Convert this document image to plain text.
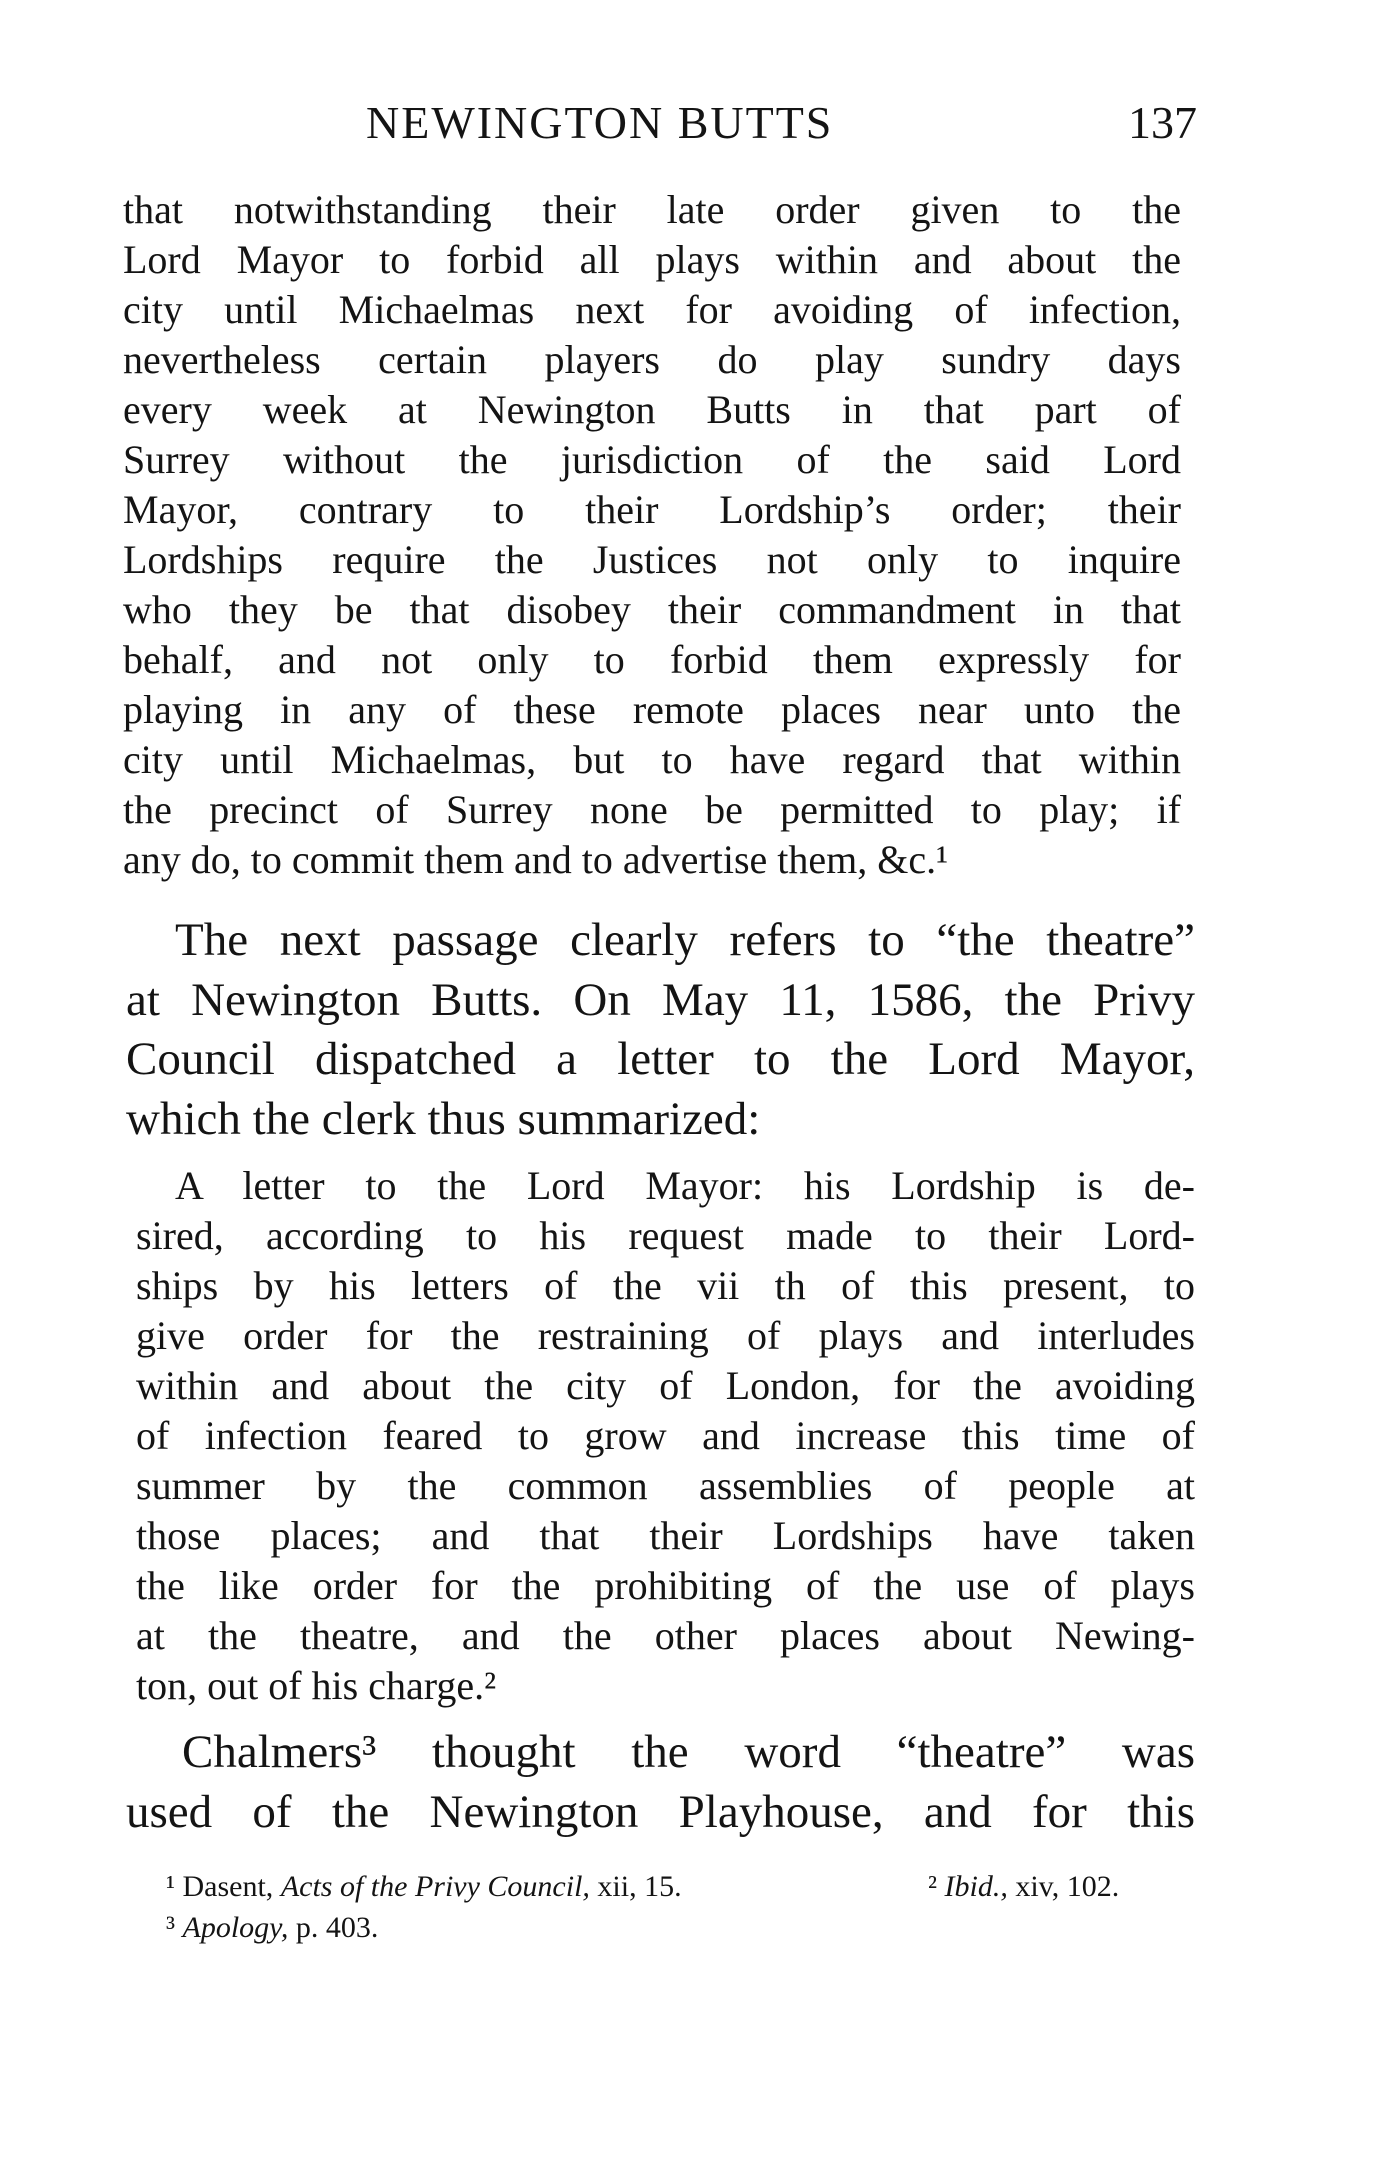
NEWINGTON BUTTS	137
that notwithstanding their late order given to the
Lord Mayor to forbid all plays within and about the
city until Michaelmas next for avoiding of infection,
nevertheless certain players do play sundry days
every week at Newington Butts in that part of
Surrey without the jurisdiction of the said Lord
Mayor, contrary to their Lordship’s order; their
Lordships require the Justices not only to inquire
who they be that disobey their commandment in that
behalf, and not only to forbid them expressly for
playing in any of these remote places near unto the
city until Michaelmas, but to have regard that within
the precinct of Surrey none be permitted to play; if
any do, to commit them and to advertise them, &c.¹
The next passage clearly refers to “the theatre”
at Newington Butts. On May 11, 1586, the Privy
Council dispatched a letter to the Lord Mayor,
which the clerk thus summarized:
A letter to the Lord Mayor: his Lordship is de-
sired, according to his request made to their Lord-
ships by his letters of the vii th of this present, to
give order for the restraining of plays and interludes
within and about the city of London, for the avoiding
of infection feared to grow and increase this time of
summer by the common assemblies of people at
those places; and that their Lordships have taken
the like order for the prohibiting of the use of plays
at the theatre, and the other places about Newing-
ton, out of his charge.²
Chalmers³ thought the word “theatre” was
used of the Newington Playhouse, and for this
¹ Dasent, Acts of the Privy Council, xii, 15.	² Ibid., xiv, 102.
³ Apology, p. 403.
